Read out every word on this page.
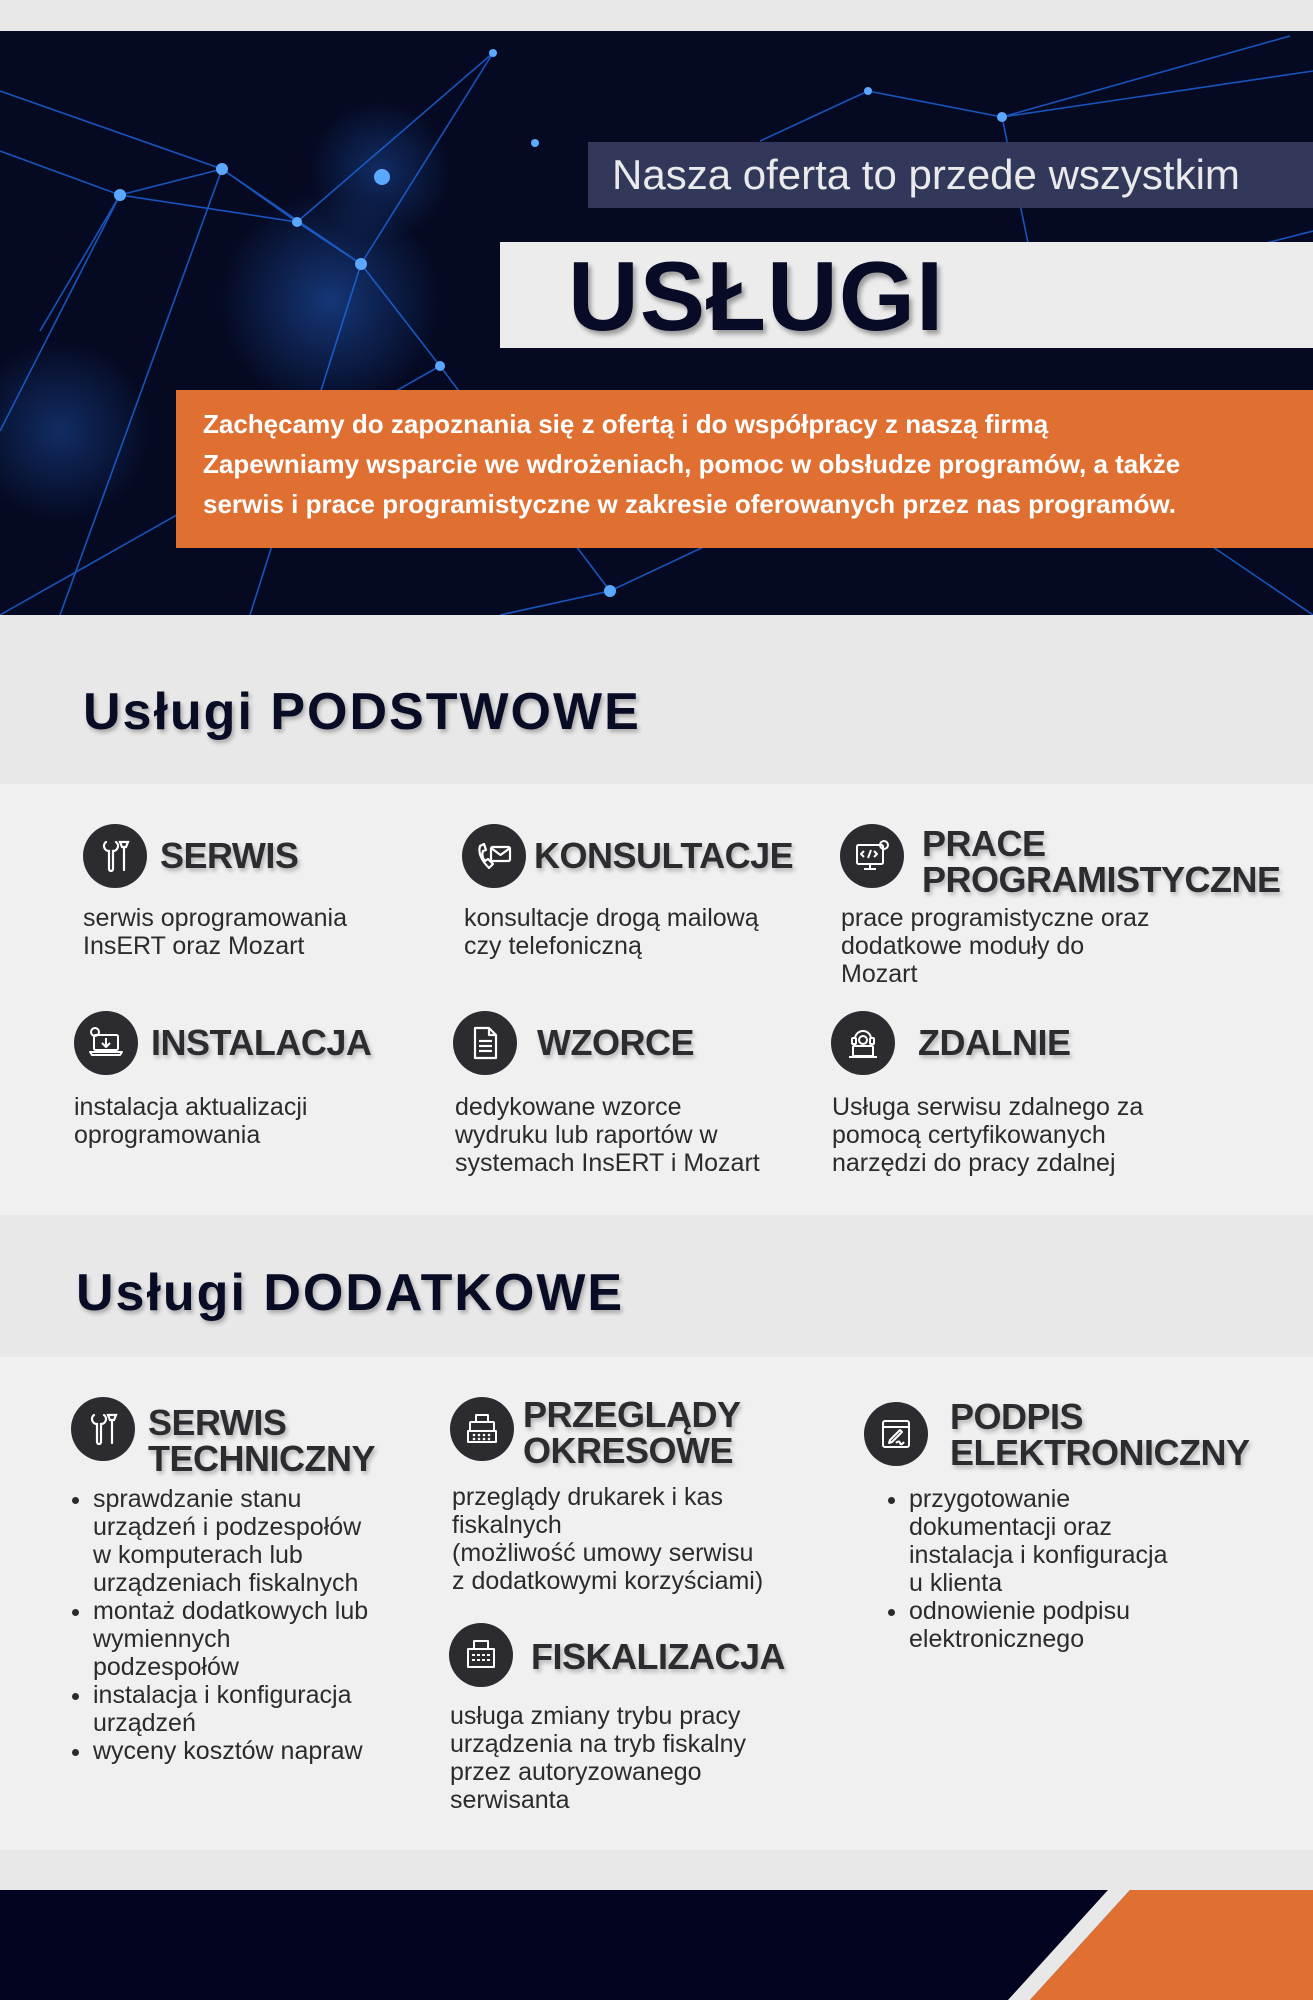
Nasza oferta to przede wszystkim
USŁUGI
Zachęcamy do zapoznania się z ofertą i do współpracy z naszą firmą
Zapewniamy wsparcie we wdrożeniach, pomoc w obsłudze programów, a także
serwis i prace programistyczne w zakresie oferowanych przez nas programów.
Usługi PODSTWOWE
SERWIS
serwis oprogramowania
InsERT oraz Mozart
KONSULTACJE
konsultacje drogą mailową
czy telefoniczną
PRACE
PROGRAMISTYCZNE
prace programistyczne oraz
dodatkowe moduły do
Mozart
INSTALACJA
instalacja aktualizacji
oprogramowania
WZORCE
dedykowane wzorce
wydruku lub raportów w
systemach InsERT i Mozart
ZDALNIE
Usługa serwisu zdalnego za
pomocą certyfikowanych
narzędzi do pracy zdalnej
Usługi DODATKOWE
SERWIS
TECHNICZNY
• sprawdzanie stanu
urządzeń i podzespołów
w komputerach lub
urządzeniach fiskalnych
• montaż dodatkowych lub
wymiennych
podzespołów
• instalacja i konfiguracja
urządzeń
• wyceny kosztów napraw
PRZEGLĄDY
OKRESOWE
przeglądy drukarek i kas
fiskalnych
(możliwość umowy serwisu
z dodatkowymi korzyściami)
FISKALIZACJA
usługa zmiany trybu pracy
urządzenia na tryb fiskalny
przez autoryzowanego
serwisanta
PODPIS
ELEKTRONICZNY
• przygotowanie
dokumentacji oraz
instalacja i konfiguracja
u klienta
• odnowienie podpisu
elektronicznego
